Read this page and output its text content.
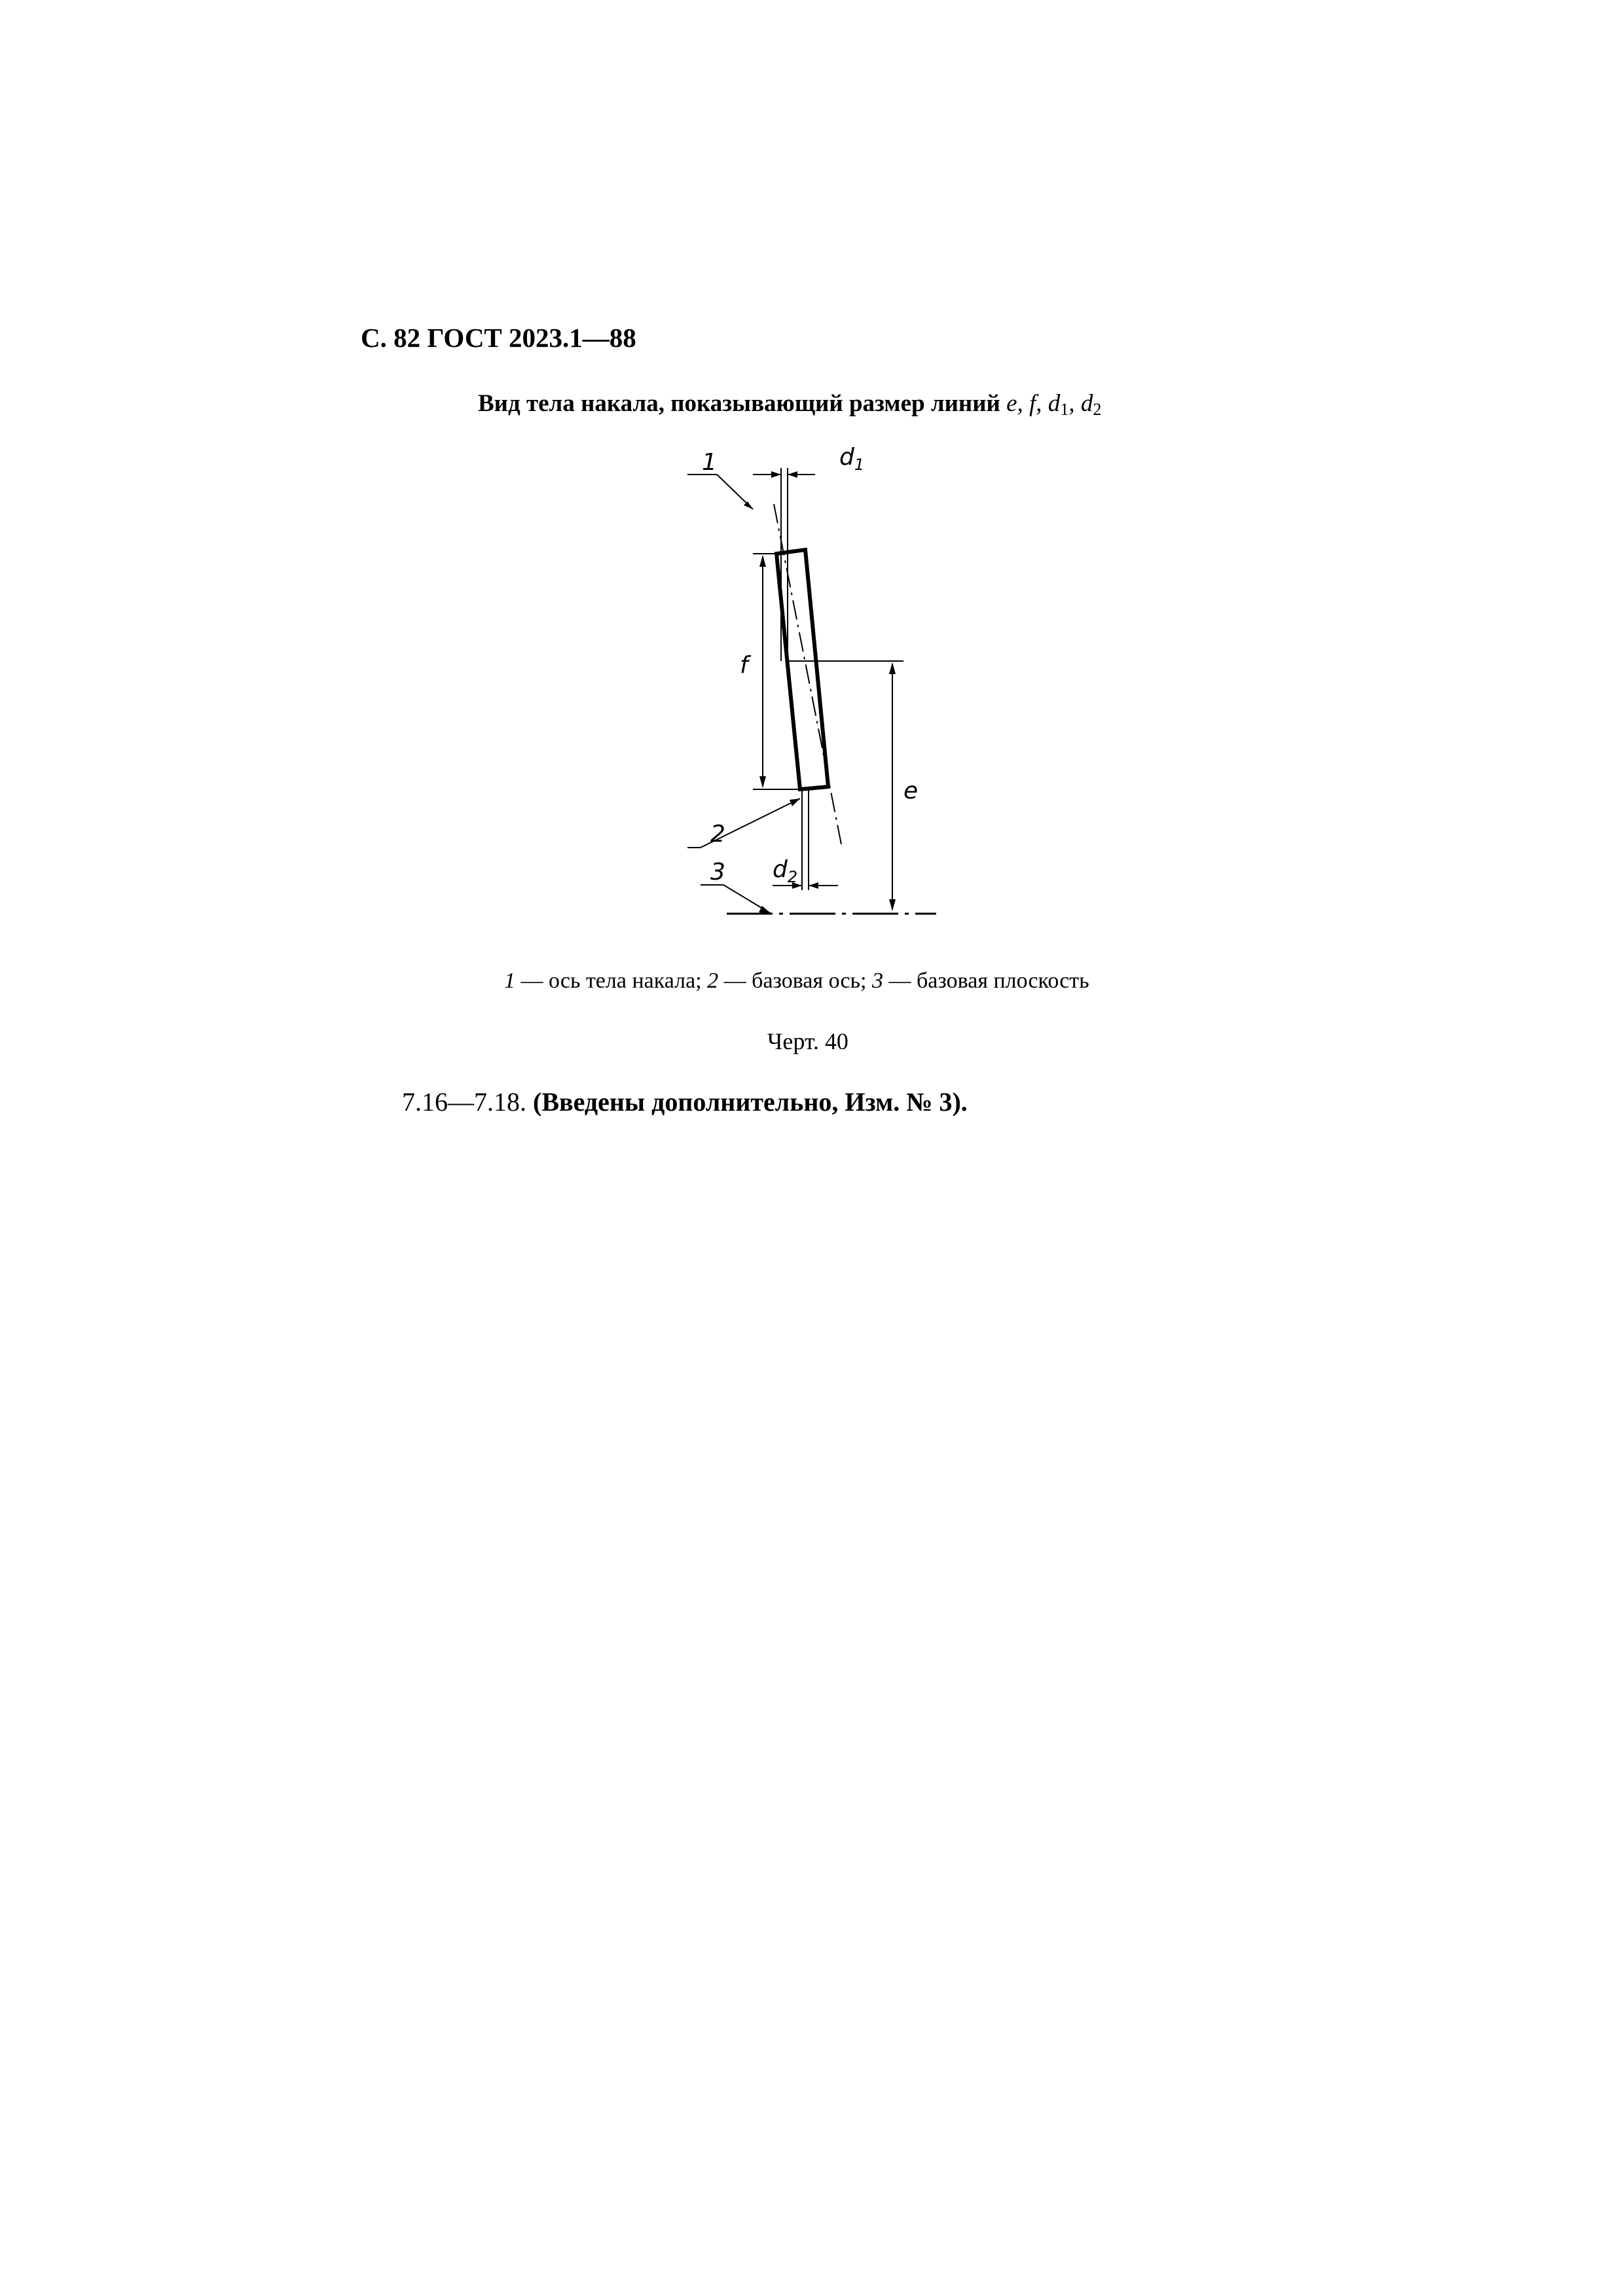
С. 82 ГОСТ 2023.1—88
Вид тела накала, показывающий размер линий e, f, $d_1$, $d_2$
1
2
3
f
e
$d_1$
$d_2$
1 — ось тела накала; 2 — базовая ось; 3 — базовая плоскость
Черт. 40
7.16—7.18. (Введены дополнительно, Изм. № 3).
